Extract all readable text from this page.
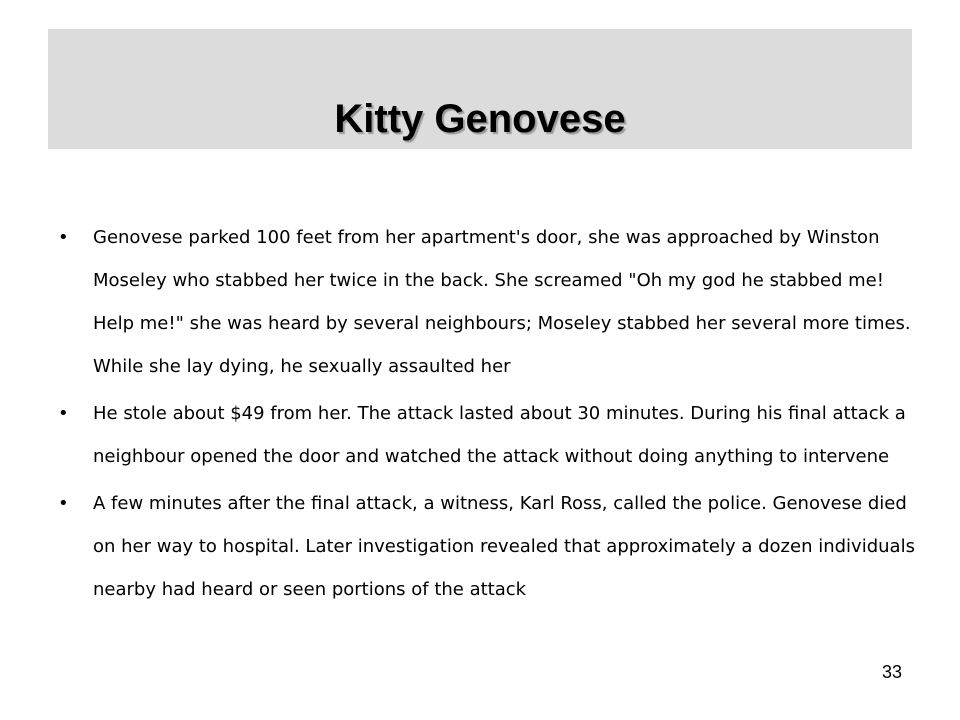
Kitty Genovese
• Genovese parked 100 feet from her apartment's door, she was approached by Winston Moseley who stabbed her twice in the back. She screamed "Oh my god he stabbed me! Help me!" she was heard by several neighbours; Moseley stabbed her several more times. While she lay dying, he sexually assaulted her
• He stole about $49 from her. The attack lasted about 30 minutes. During his final attack a neighbour opened the door and watched the attack without doing anything to intervene
• A few minutes after the final attack, a witness, Karl Ross, called the police. Genovese died on her way to hospital. Later investigation revealed that approximately a dozen individuals nearby had heard or seen portions of the attack
33
